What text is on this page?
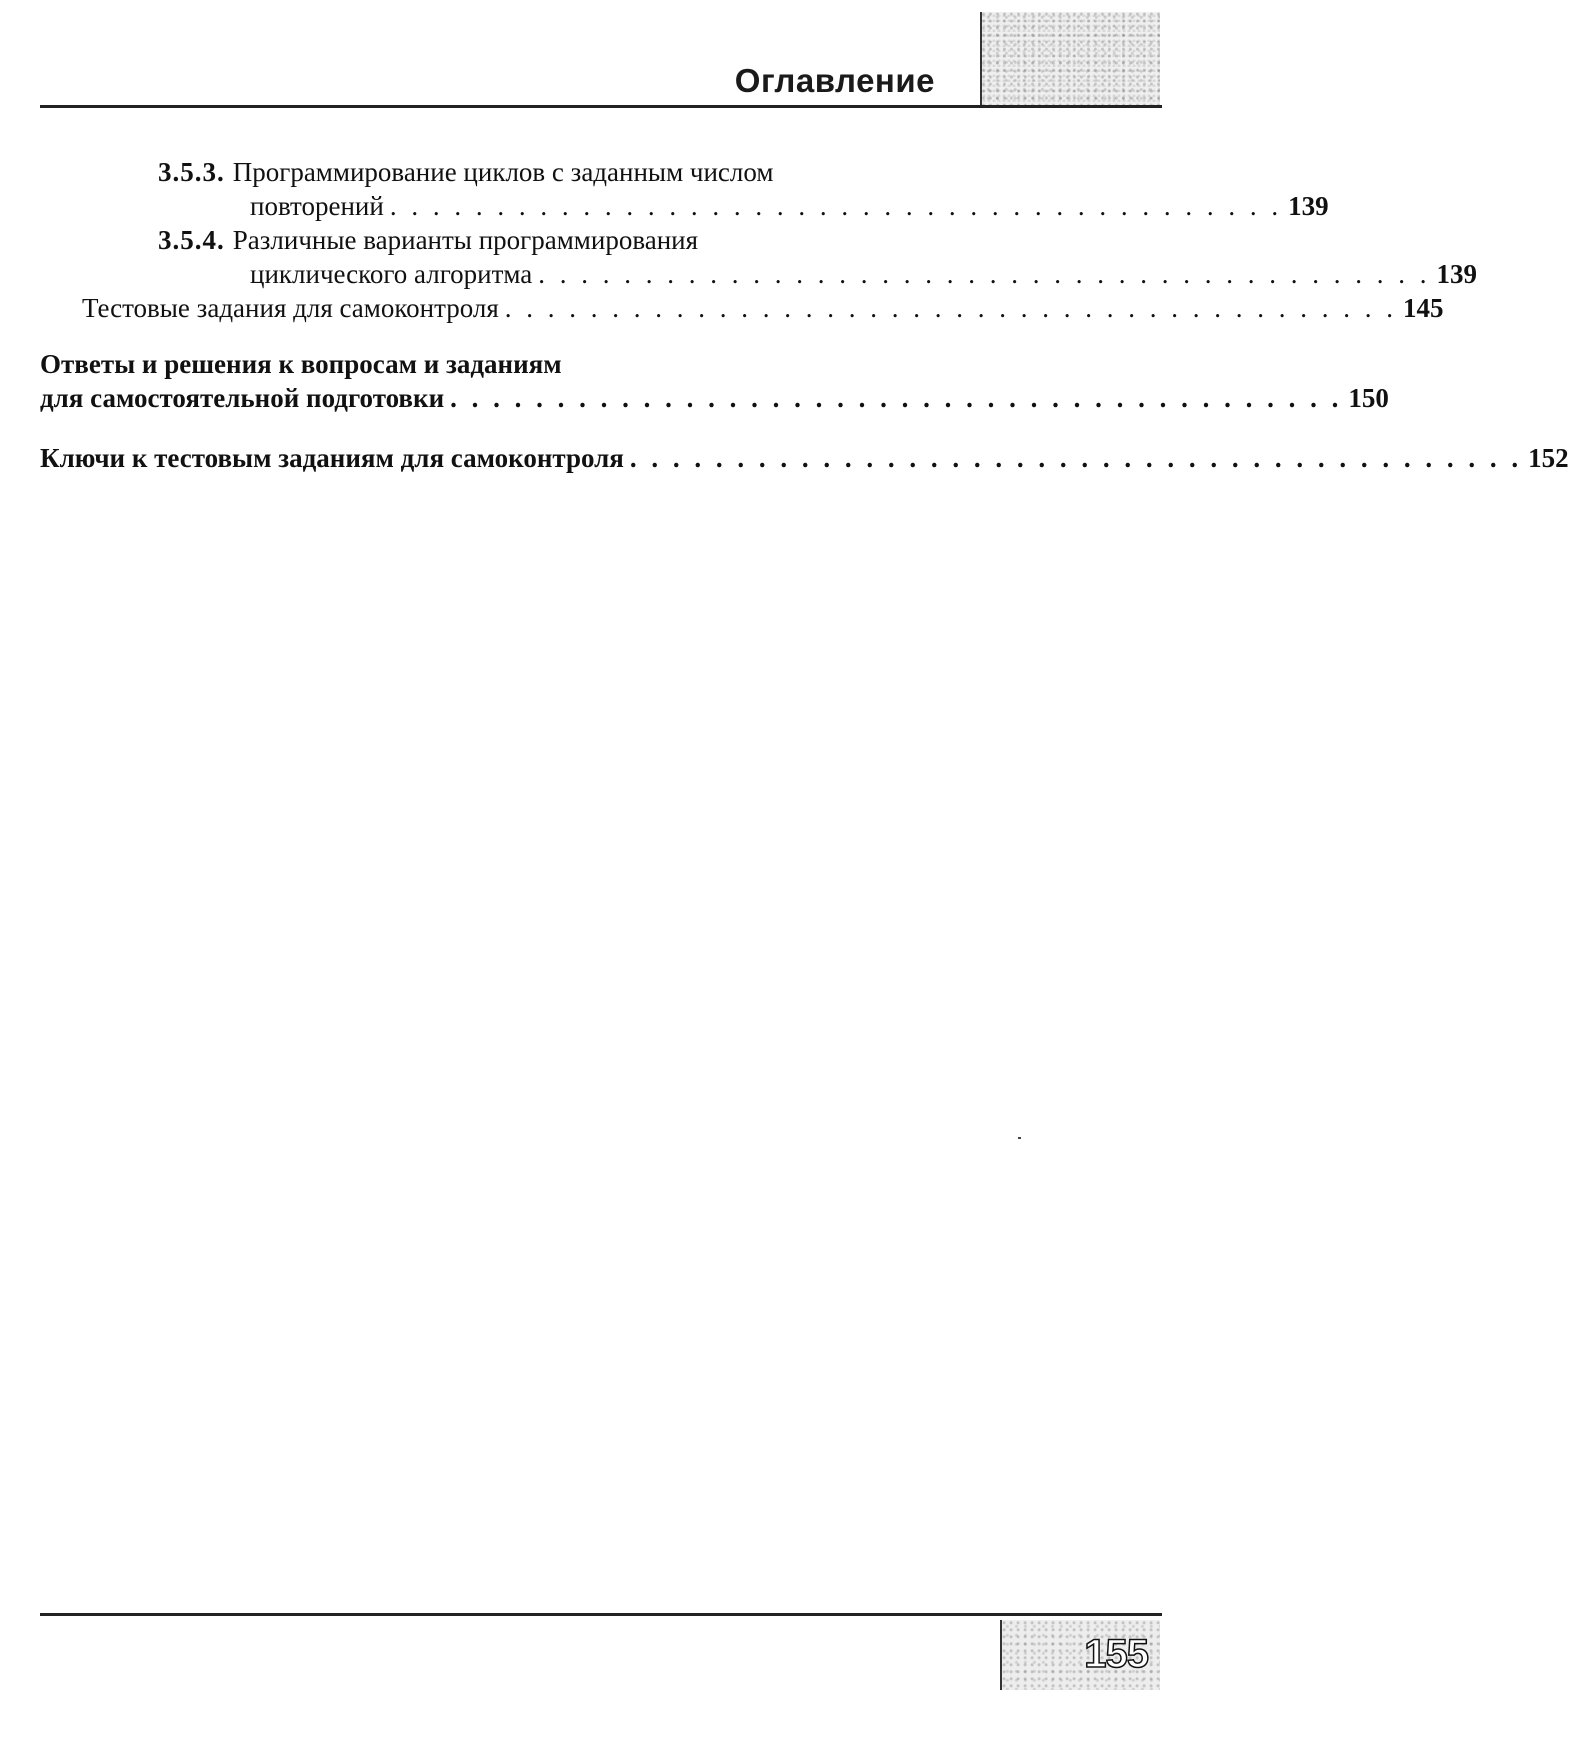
Оглавление
3.5.3. Программирование циклов с заданным числом
повторений . . . . . . . . . . . . . . . . . . . . . . . . . . . . . . . . . . . . . . . . . . 139
3.5.4. Различные варианты программирования
циклического алгоритма . . . . . . . . . . . . . . . . . . . . . . . . . . . . . . . . . . . . . . . . . . 139
Тестовые задания для самоконтроля . . . . . . . . . . . . . . . . . . . . . . . . . . . . . . . . . . . . . . . . . . 145
Ответы и решения к вопросам и заданиям
для самостоятельной подготовки . . . . . . . . . . . . . . . . . . . . . . . . . . . . . . . . . . . . . . . . . . 150
Ключи к тестовым заданиям для самоконтроля . . . . . . . . . . . . . . . . . . . . . . . . . . . . . . . . . . . . . . . . . . 152
155
